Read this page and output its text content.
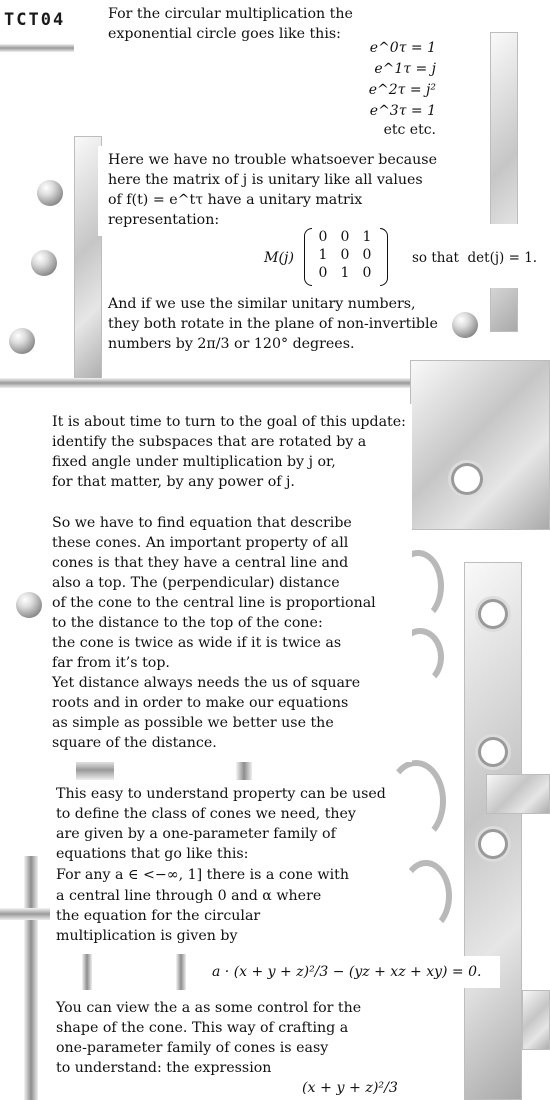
TCT04	For the circular multiplication the
exponential circle goes like this:
e^0τ = 1
e^1τ = j
e^2τ = j²
e^3τ = 1
etc etc.
Here we have no trouble whatsoever because
here the matrix of j is unitary like all values
of f(t) = e^tτ have a unitary matrix
representation:
M(j)
0 0 1
1 0 0
0 1 0
so that  det(j) = 1.
And if we use the similar unitary numbers,
they both rotate in the plane of non-invertible
numbers by 2π/3 or 120° degrees.
It is about time to turn to the goal of this update:
identify the subspaces that are rotated by a
fixed angle under multiplication by j or,
for that matter, by any power of j.
So we have to find equation that describe
these cones. An important property of all
cones is that they have a central line and
also a top. The (perpendicular) distance
of the cone to the central line is proportional
to the distance to the top of the cone:
the cone is twice as wide if it is twice as
far from it’s top.
Yet distance always needs the us of square
roots and in order to make our equations
as simple as possible we better use the
square of the distance.
This easy to understand property can be used
to define the class of cones we need, they
are given by a one-parameter family of
equations that go like this:
For any a ∈ <−∞, 1] there is a cone with
a central line through 0 and α where
the equation for the circular
multiplication is given by
a · (x + y + z)²/3 − (yz + xz + xy) = 0.
You can view the a as some control for the
shape of the cone. This way of crafting a
one-parameter family of cones is easy
to understand: the expression
(x + y + z)²/3
